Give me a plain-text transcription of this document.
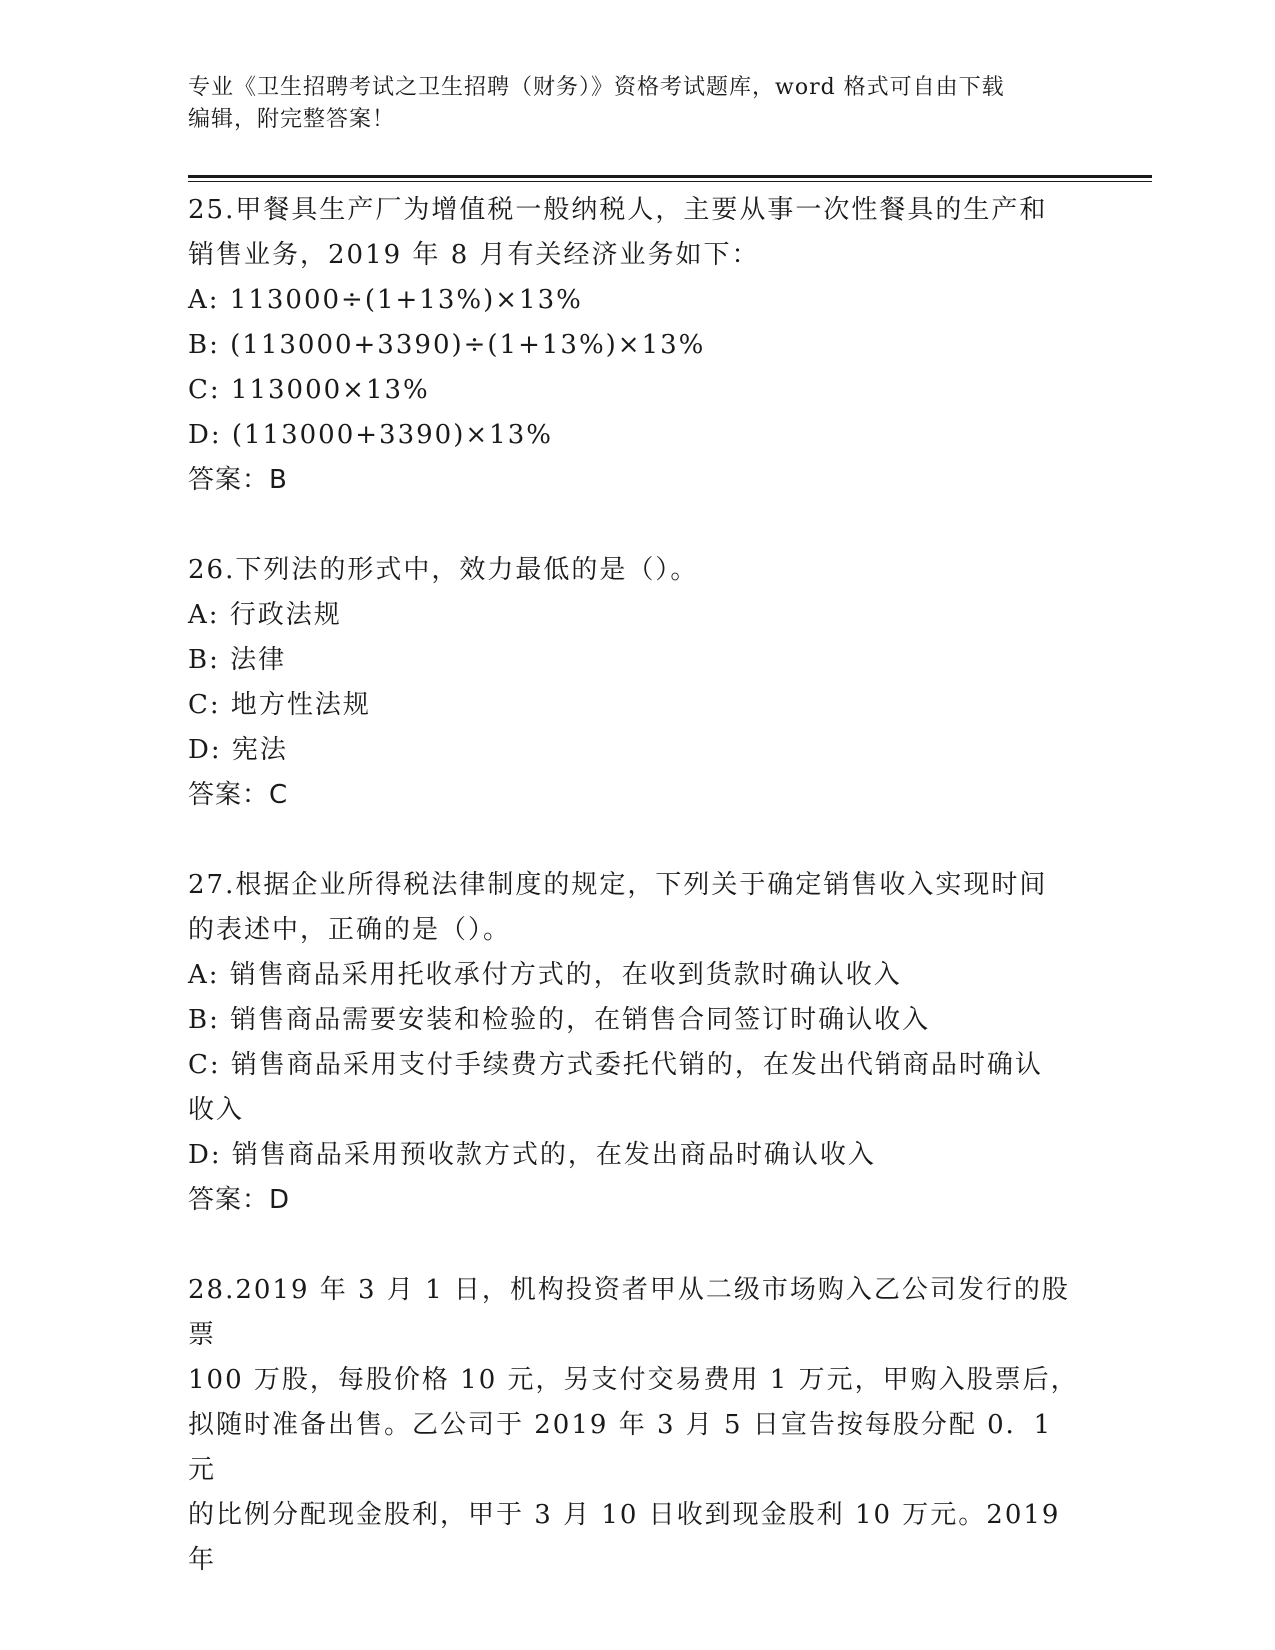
专业《卫生招聘考试之卫生招聘（财务）》资格考试题库，word 格式可自由下载
编辑，附完整答案！
25.甲餐具生产厂为增值税一般纳税人，主要从事一次性餐具的生产和
销售业务，2019 年 8 月有关经济业务如下：
A: 113000÷(1+13%)×13%
B: (113000+3390)÷(1+13%)×13%
C: 113000×13%
D: (113000+3390)×13%
答案：B
26.下列法的形式中，效力最低的是（）。
A: 行政法规
B: 法律
C: 地方性法规
D: 宪法
答案：C
27.根据企业所得税法律制度的规定，下列关于确定销售收入实现时间
的表述中，正确的是（）。
A: 销售商品采用托收承付方式的，在收到货款时确认收入
B: 销售商品需要安装和检验的，在销售合同签订时确认收入
C: 销售商品采用支付手续费方式委托代销的，在发出代销商品时确认
收入
D: 销售商品采用预收款方式的，在发出商品时确认收入
答案：D
28.2019 年 3 月 1 日，机构投资者甲从二级市场购入乙公司发行的股票
100 万股，每股价格 10 元，另支付交易费用 1 万元，甲购入股票后，
拟随时准备出售。乙公司于 2019 年 3 月 5 日宣告按每股分配 0．1 元
的比例分配现金股利，甲于 3 月 10 日收到现金股利 10 万元。2019 年
